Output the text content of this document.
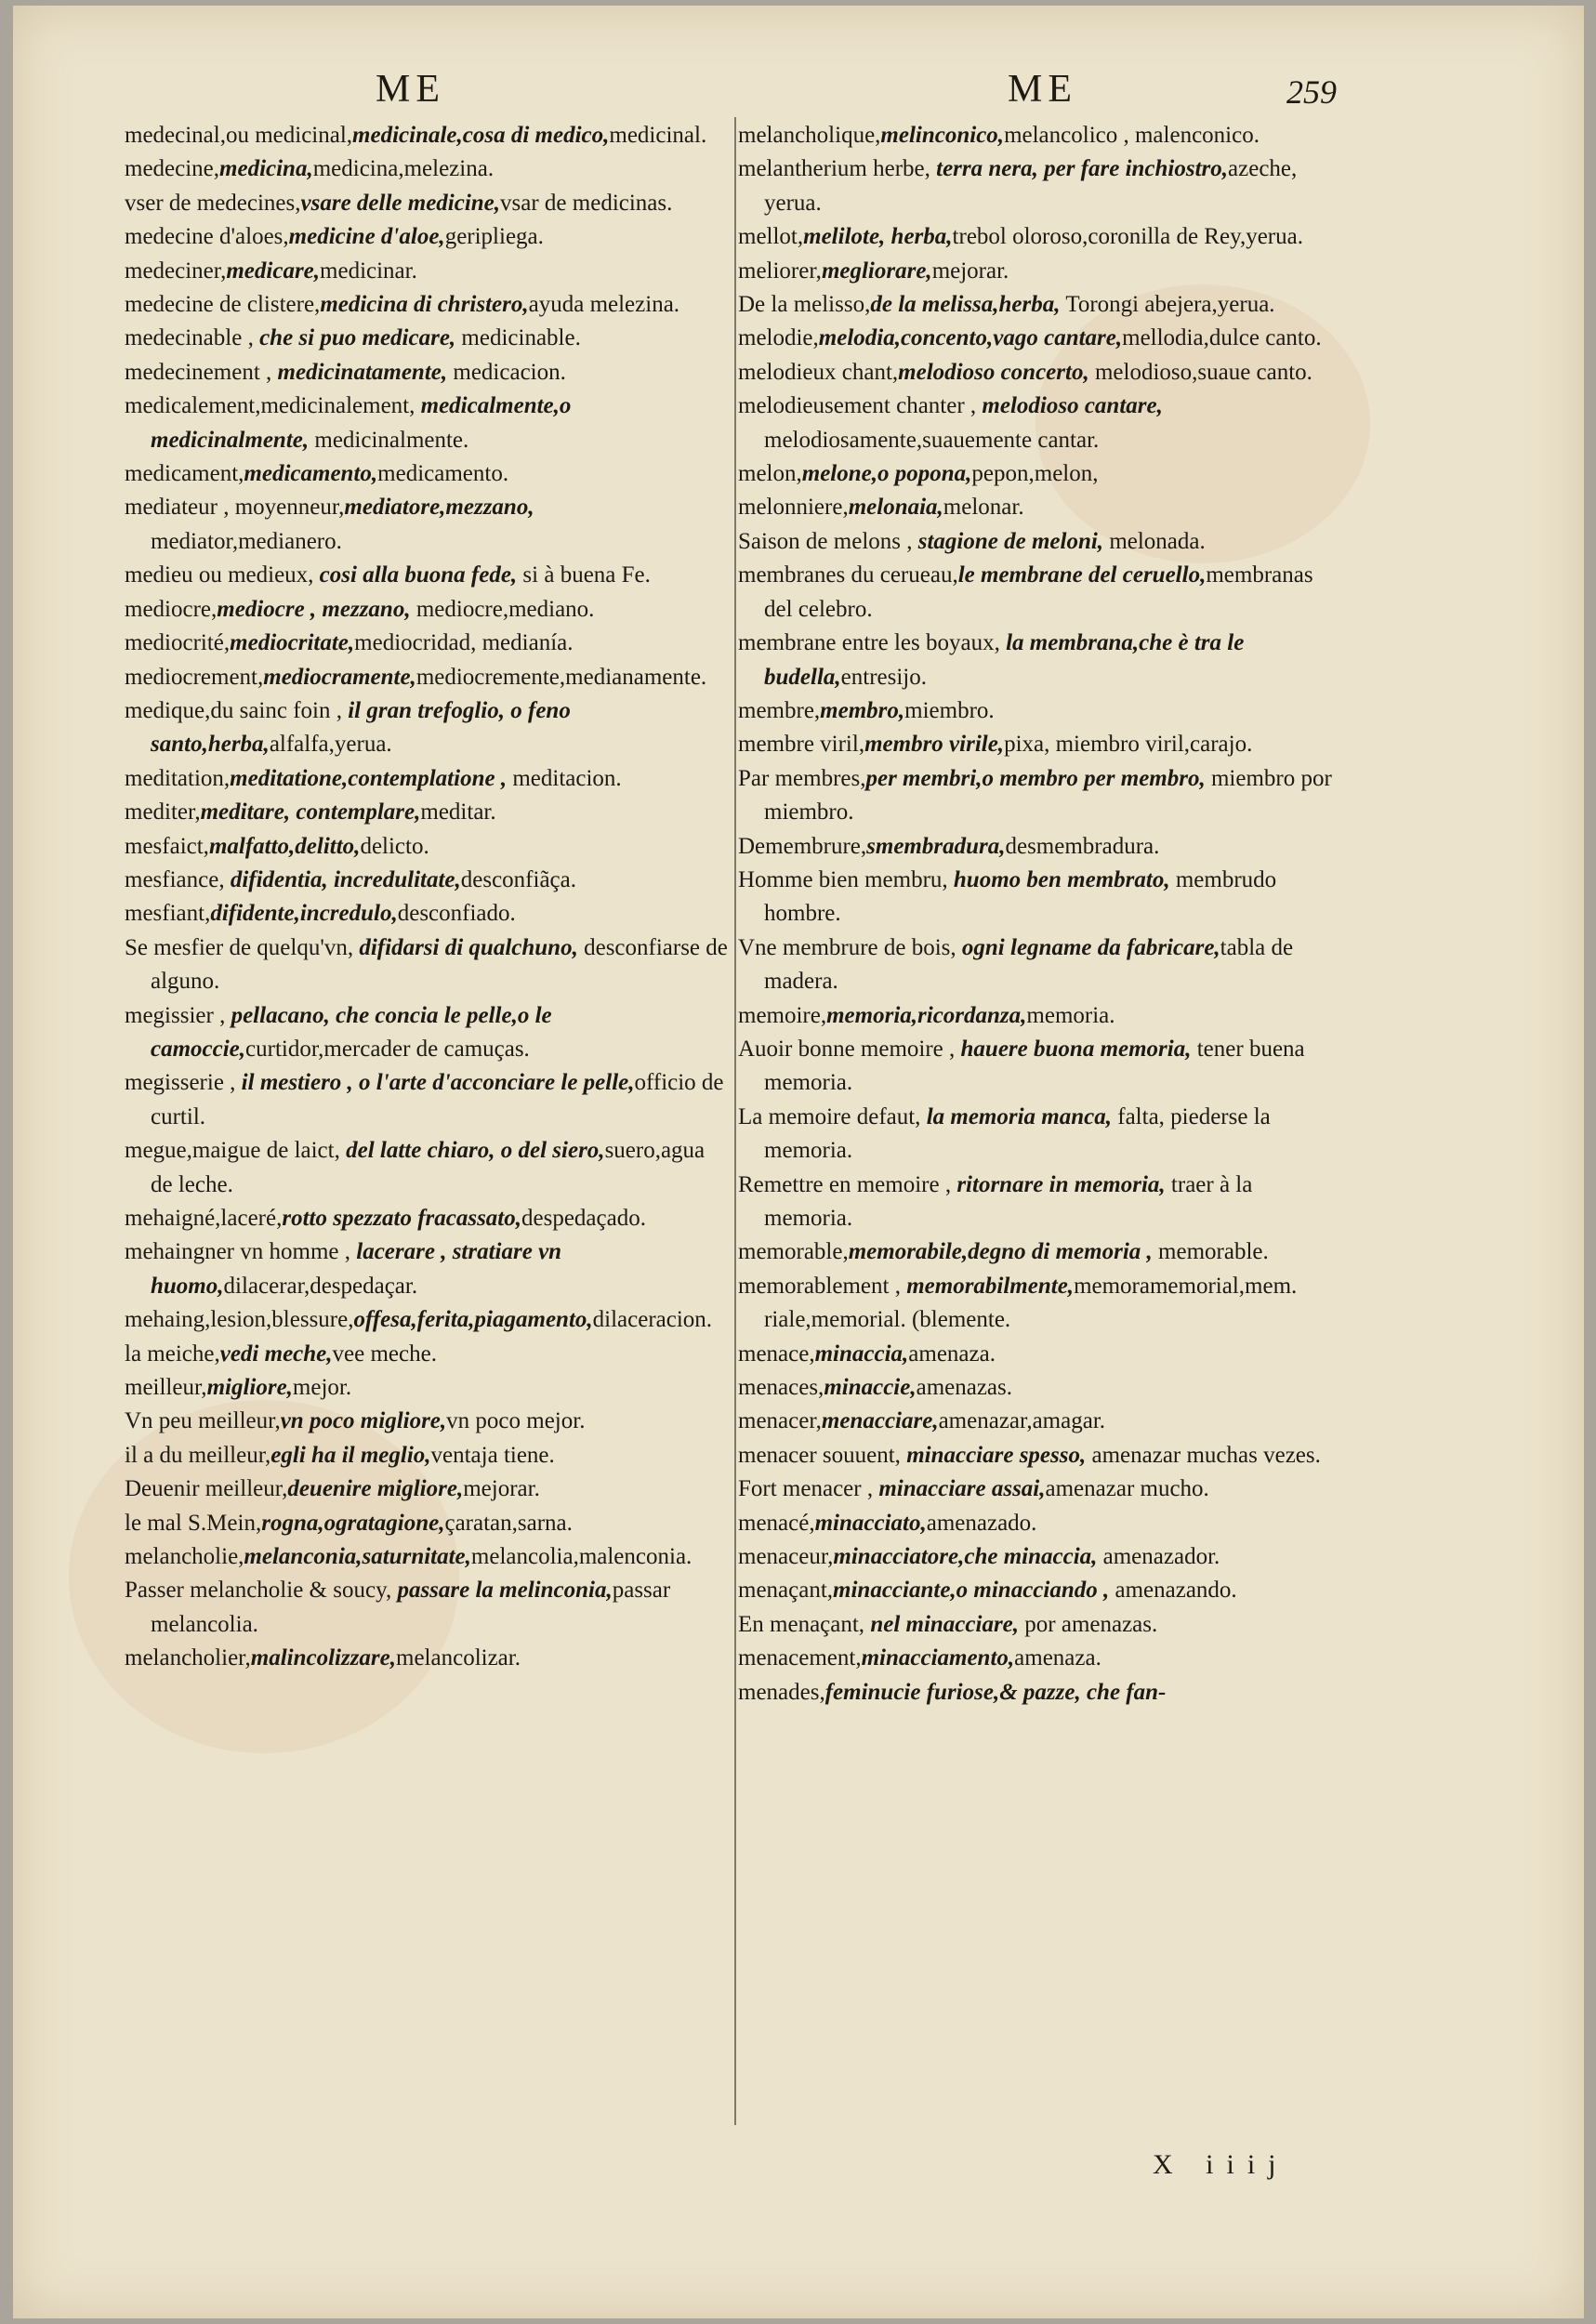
ME	ME	259
medecinal,ou medicinal,medicinale,cosa di medico,medicinal.
medecine,medicina,medicina,melezina.
vser de medecines,vsare delle medicine,vsar de medicinas.
medecine d'aloes,medicine d'aloe,geripliega.
medeciner,medicare,medicinar.
medecine de clistere,medicina di christero,ayuda melezina.
medecinable , che si puo medicare, medicinable.
medecinement , medicinatamente, medicacion.
medicalement,medicinalement, medicalmente,o medicinalmente, medicinalmente.
medicament,medicamento,medicamento.
mediateur , moyenneur,mediatore,mezzano, mediator,medianero.
medieu ou medieux, cosi alla buona fede, si à buena Fe.
mediocre,mediocre , mezzano, mediocre,mediano.
mediocrité,mediocritate,mediocridad, medianía.
mediocrement,mediocramente,mediocremente,medianamente.
medique,du sainc foin , il gran trefoglio, o feno santo,herba,alfalfa,yerua.
meditation,meditatione,contemplatione , meditacion.
mediter,meditare, contemplare,meditar.
mesfaict,malfatto,delitto,delicto.
mesfiance, difidentia, incredulitate,desconfiãça.
mesfiant,difidente,incredulo,desconfiado.
Se mesfier de quelqu'vn, difidarsi di qualchuno, desconfiarse de alguno.
megissier , pellacano, che concia le pelle,o le camoccie,curtidor,mercader de camuças.
megisserie , il mestiero , o l'arte d'acconciare le pelle,officio de curtil.
megue,maigue de laict, del latte chiaro, o del siero,suero,agua de leche.
mehaigné,laceré,rotto spezzato fracassato,despedaçado.
mehaingner vn homme , lacerare , stratiare vn huomo,dilacerar,despedaçar.
mehaing,lesion,blessure,offesa,ferita,piagamento,dilaceracion.
la meiche,vedi meche,vee meche.
meilleur,migliore,mejor.
Vn peu meilleur,vn poco migliore,vn poco mejor.
il a du meilleur,egli ha il meglio,ventaja tiene.
Deuenir meilleur,deuenire migliore,mejorar.
le mal S.Mein,rogna,ogratagione,çaratan,sarna.
melancholie,melanconia,saturnitate,melancolia,malenconia.
Passer melancholie & soucy, passare la melinconia,passar melancolia.
melancholier,malincolizzare,melancolizar.
melancholique,melinconico,melancolico , malenconico.
melantherium herbe, terra nera, per fare inchiostro,azeche, yerua.
mellot,melilote, herba,trebol oloroso,coronilla de Rey,yerua.
meliorer,megliorare,mejorar.
De la melisso,de la melissa,herba, Torongi abejera,yerua.
melodie,melodia,concento,vago cantare,mellodia,dulce canto.
melodieux chant,melodioso concerto, melodioso,suaue canto.
melodieusement chanter , melodioso cantare, melodiosamente,suauemente cantar.
melon,melone,o popona,pepon,melon,
melonniere,melonaia,melonar.
Saison de melons , stagione de meloni, melonada.
membranes du cerueau,le membrane del ceruello,membranas del celebro.
membrane entre les boyaux, la membrana,che è tra le budella,entresijo.
membre,membro,miembro.
membre viril,membro virile,pixa, miembro viril,carajo.
Par membres,per membri,o membro per membro, miembro por miembro.
Demembrure,smembradura,desmembradura.
Homme bien membru, huomo ben membrato, membrudo hombre.
Vne membrure de bois, ogni legname da fabricare,tabla de madera.
memoire,memoria,ricordanza,memoria.
Auoir bonne memoire , hauere buona memoria, tener buena memoria.
La memoire defaut, la memoria manca, falta, piederse la memoria.
Remettre en memoire , ritornare in memoria, traer à la memoria.
memorable,memorabile,degno di memoria , memorable.
memorablement , memorabilmente,memoramemorial,mem. riale,memorial. (blemente.
menace,minaccia,amenaza.
menaces,minaccie,amenazas.
menacer,menacciare,amenazar,amagar.
menacer souuent, minacciare spesso, amenazar muchas vezes.
Fort menacer , minacciare assai,amenazar mucho.
menacé,minacciato,amenazado.
menaceur,minacciatore,che minaccia, amenazador.
menaçant,minacciante,o minacciando , amenazando.
En menaçant, nel minacciare, por amenazas.
menacement,minacciamento,amenaza.
menades,feminucie furiose,& pazze, che fan-
X iiij
